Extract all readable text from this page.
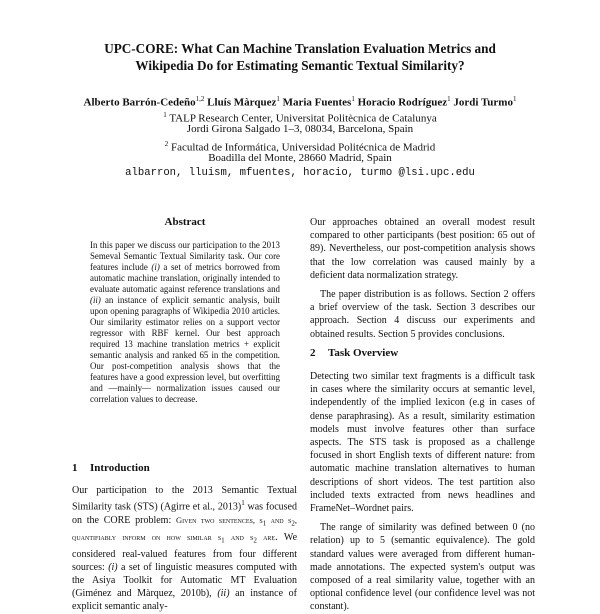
UPC-CORE: What Can Machine Translation Evaluation Metrics and
Wikipedia Do for Estimating Semantic Textual Similarity?
Alberto Barrón-Cedeño$^{1,2}$ Lluís Màrquez$^1$ Maria Fuentes$^1$ Horacio Rodríguez$^1$ Jordi Turmo$^1$
$^1$ TALP Research Center, Universitat Politècnica de Catalunya
Jordi Girona Salgado 1–3, 08034, Barcelona, Spain
$^2$ Facultad de Informática, Universidad Politécnica de Madrid
Boadilla del Monte, 28660 Madrid, Spain
albarron, lluism, mfuentes, horacio, turmo @lsi.upc.edu
Abstract
In this paper we discuss our participation to the 2013 Semeval Semantic Textual Similarity task. Our core features include (i) a set of metrics borrowed from automatic machine translation, originally intended to evaluate automatic against reference translations and (ii) an instance of explicit semantic analysis, built upon opening paragraphs of Wikipedia 2010 articles. Our similarity estimator relies on a support vector regressor with RBF kernel. Our best approach required 13 machine translation metrics + explicit semantic analysis and ranked 65 in the competition. Our post-competition analysis shows that the features have a good expression level, but overfitting and —mainly— normalization issues caused our correlation values to decrease.
1 Introduction

Our participation to the 2013 Semantic Textual Similarity task (STS) (Agirre et al., 2013)$^1$ was focused on the CORE problem: Given two sentences, $s_1$ and $s_2$, quantifiably inform on how similar $s_1$ and $s_2$ are. We considered real-valued features from four different sources: (i) a set of linguistic measures computed with the Asiya Toolkit for Automatic MT Evaluation (Giménez and Màrquez, 2010b), (ii) an instance of explicit semantic analy-

Our approaches obtained an overall modest result compared to other participants (best position: 65 out of 89). Nevertheless, our post-competition analysis shows that the low correlation was caused mainly by a deficient data normalization strategy.

The paper distribution is as follows. Section 2 offers a brief overview of the task. Section 3 describes our approach. Section 4 discuss our experiments and obtained results. Section 5 provides conclusions.

2 Task Overview

Detecting two similar text fragments is a difficult task in cases where the similarity occurs at semantic level, independently of the implied lexicon (e.g in cases of dense paraphrasing). As a result, similarity estimation models must involve features other than surface aspects. The STS task is proposed as a challenge focused in short English texts of different nature: from automatic machine translation alternatives to human descriptions of short videos. The test partition also included texts extracted from news headlines and FrameNet–Wordnet pairs.

The range of similarity was defined between 0 (no relation) up to 5 (semantic equivalence). The gold standard values were averaged from different human-made annotations. The expected system's output was composed of a real similarity value, together with an optional confidence level (our confidence level was not constant).
